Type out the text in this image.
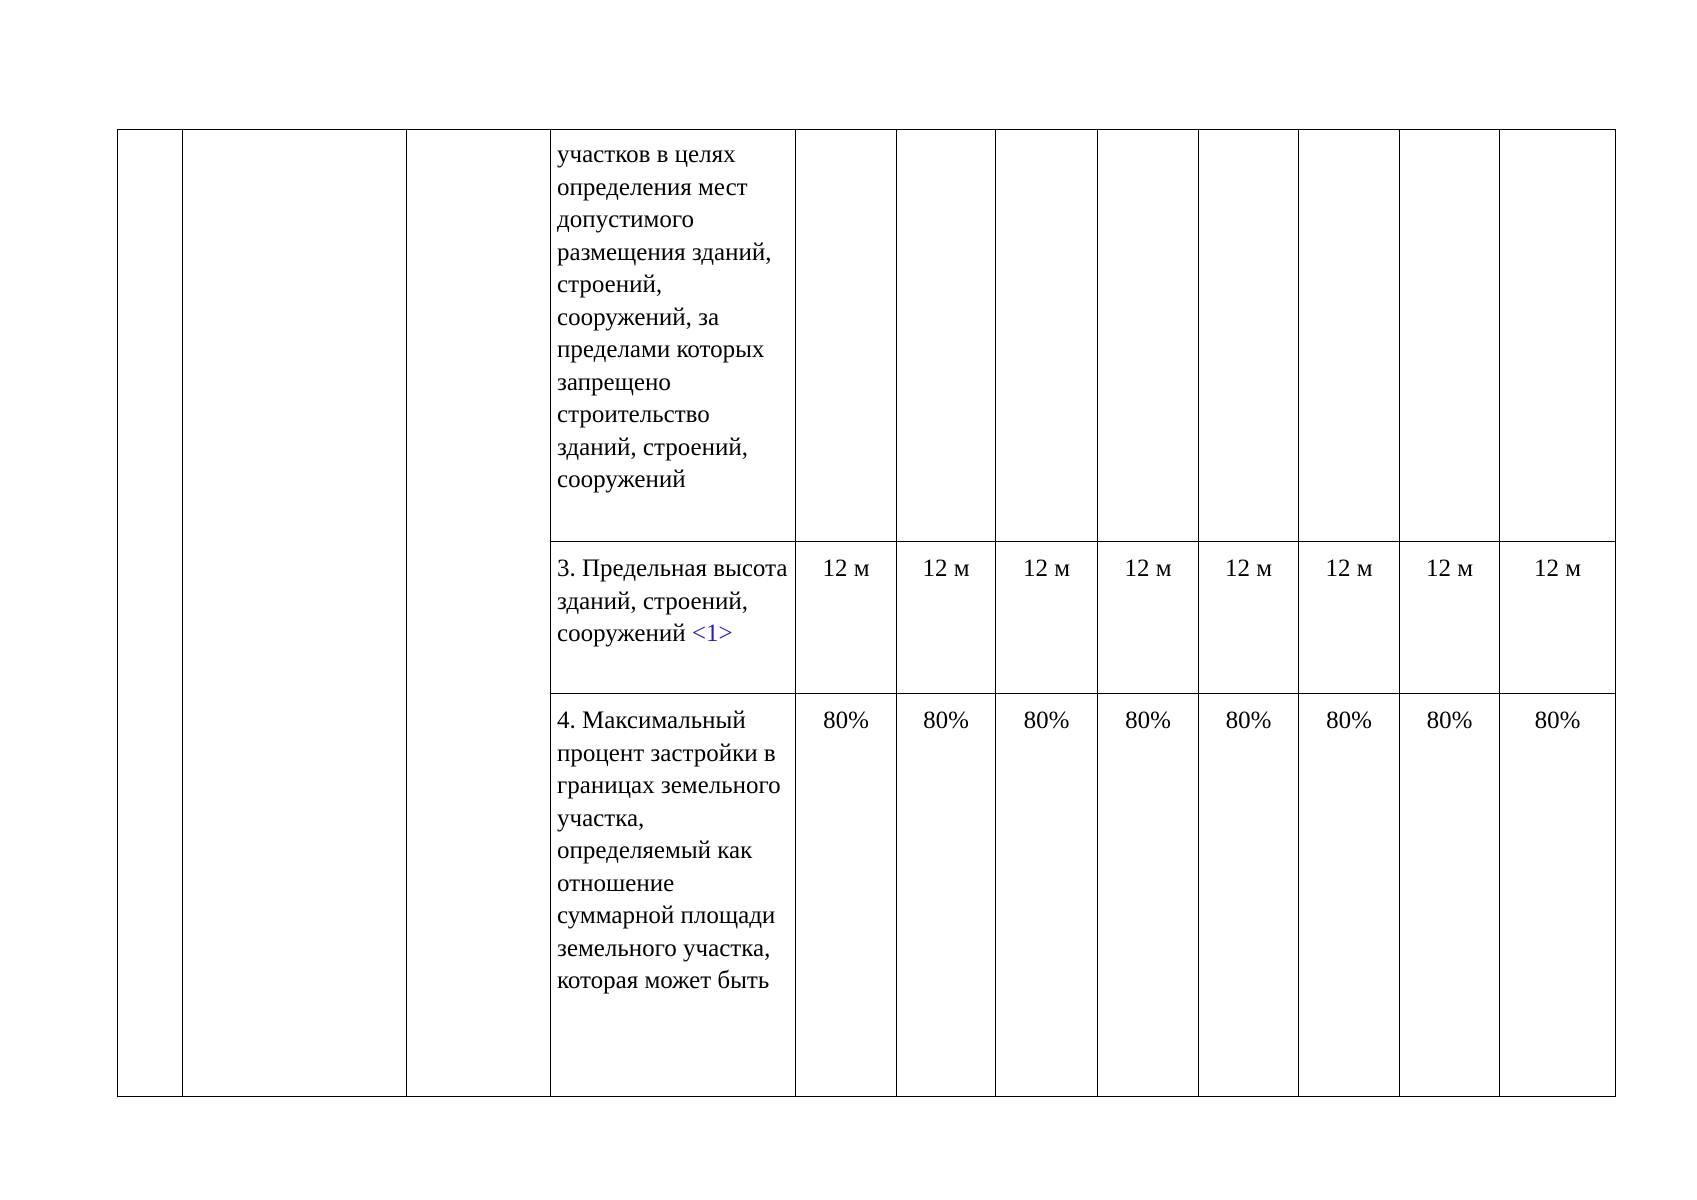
			участков в целях определения мест допустимого размещения зданий, строений, сооружений, за пределами которых запрещено строительство зданий, строений, сооружений								
			3. Предельная высота зданий, строений, сооружений <1>	12 м	12 м	12 м	12 м	12 м	12 м	12 м	12 м

			4. Максимальный процент застройки в границах земельного участка, определяемый как отношение суммарной площади земельного участка, которая может быть	80%	80%	80%	80%	80%	80%	80%	80%
